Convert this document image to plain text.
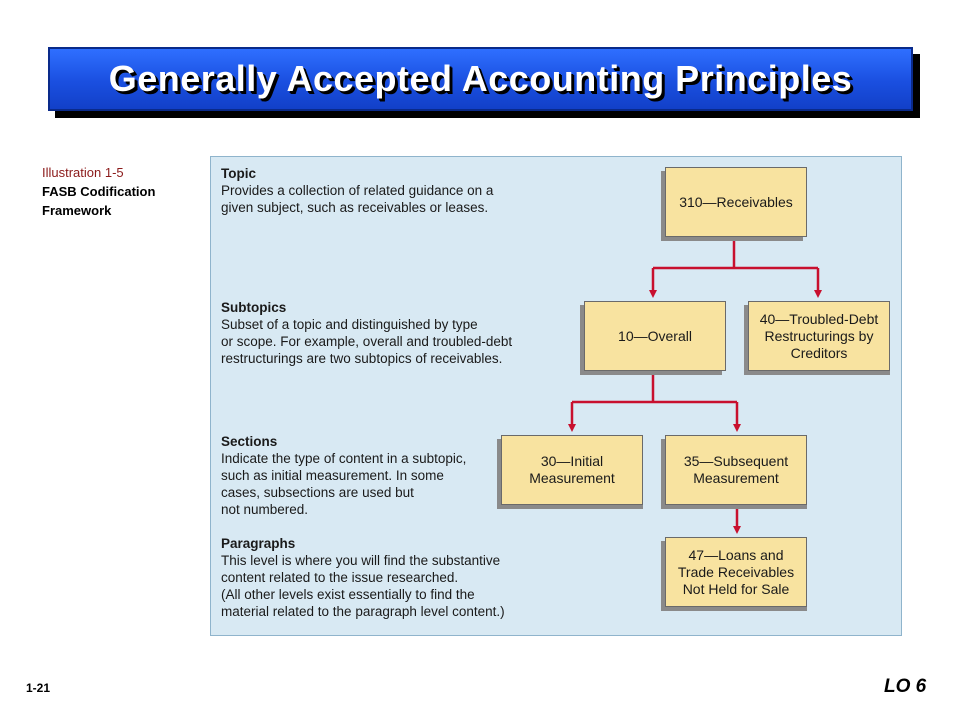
Generally Accepted Accounting Principles
Illustration 1-5
FASB Codification
Framework
Topic
Provides a collection of related guidance on a
given subject, such as receivables or leases.
Subtopics
Subset of a topic and distinguished by type
or scope. For example, overall and troubled-debt
restructurings are two subtopics of receivables.
Sections
Indicate the type of content in a subtopic,
such as initial measurement. In some
cases, subsections are used but
not numbered.
Paragraphs
This level is where you will find the substantive
content related to the issue researched.
(All other levels exist essentially to find the
material related to the paragraph level content.)
310—Receivables
10—Overall
40—Troubled-Debt
Restructurings by
Creditors
30—Initial
Measurement
35—Subsequent
Measurement
47—Loans and
Trade Receivables
Not Held for Sale
1-21	LO 6
